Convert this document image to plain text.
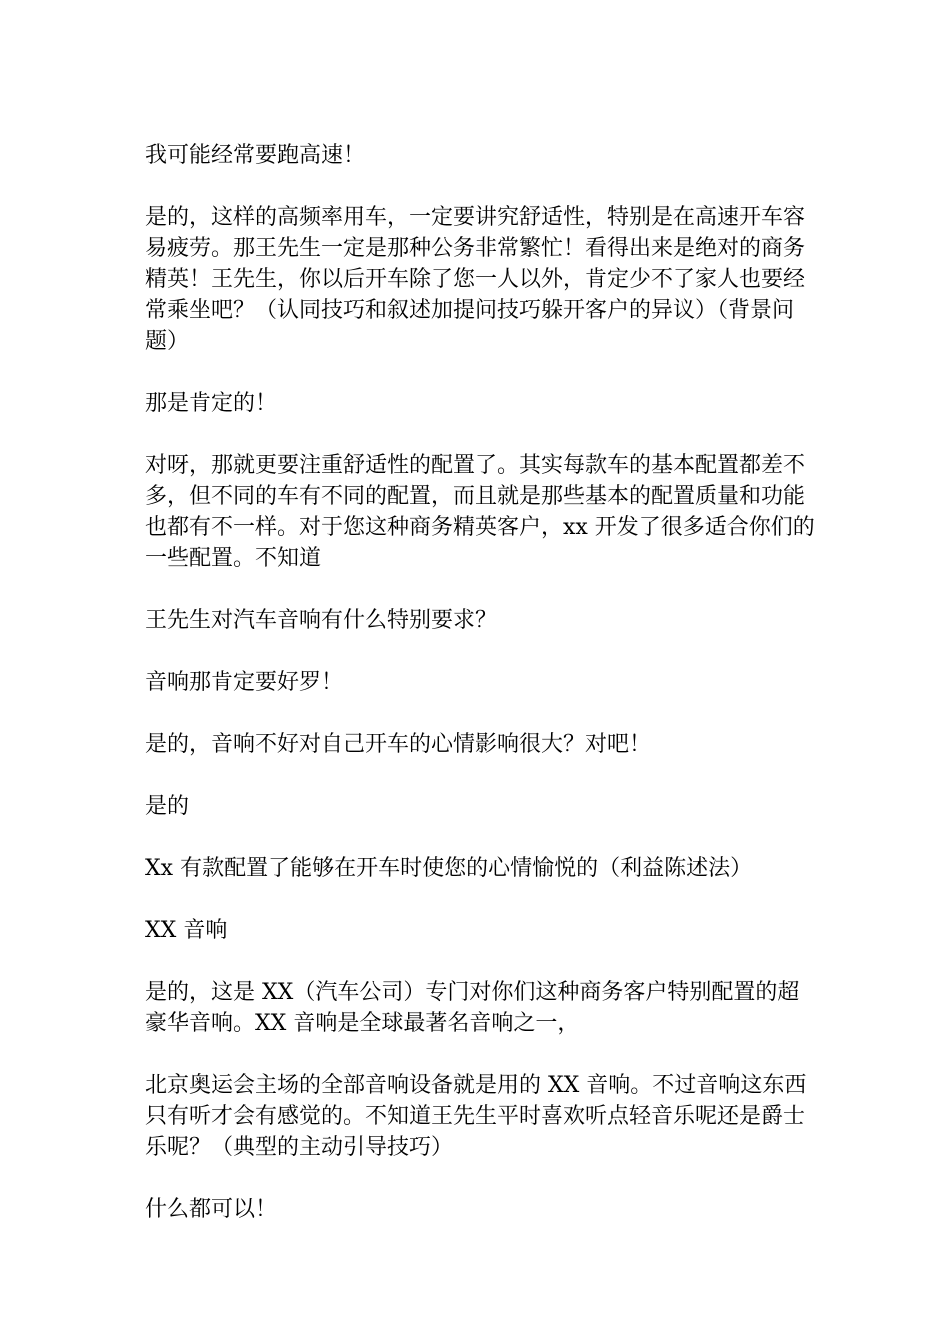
我可能经常要跑高速！

是的，这样的高频率用车，一定要讲究舒适性，特别是在高速开车容易疲劳。那王先生一定是那种公务非常繁忙！看得出来是绝对的商务精英！王先生，你以后开车除了您一人以外，肯定少不了家人也要经常乘坐吧？（认同技巧和叙述加提问技巧躲开客户的异议）（背景问题）

那是肯定的！

对呀，那就更要注重舒适性的配置了。其实每款车的基本配置都差不多，但不同的车有不同的配置，而且就是那些基本的配置质量和功能也都有不一样。对于您这种商务精英客户，xx 开发了很多适合你们的一些配置。不知道

王先生对汽车音响有什么特别要求？

音响那肯定要好罗！

是的，音响不好对自己开车的心情影响很大？对吧！

是的

Xx 有款配置了能够在开车时使您的心情愉悦的（利益陈述法）

XX 音响

是的，这是 XX（汽车公司）专门对你们这种商务客户特别配置的超豪华音响。XX 音响是全球最著名音响之一，

北京奥运会主场的全部音响设备就是用的 XX 音响。不过音响这东西只有听才会有感觉的。不知道王先生平时喜欢听点轻音乐呢还是爵士乐呢？（典型的主动引导技巧）

什么都可以！
